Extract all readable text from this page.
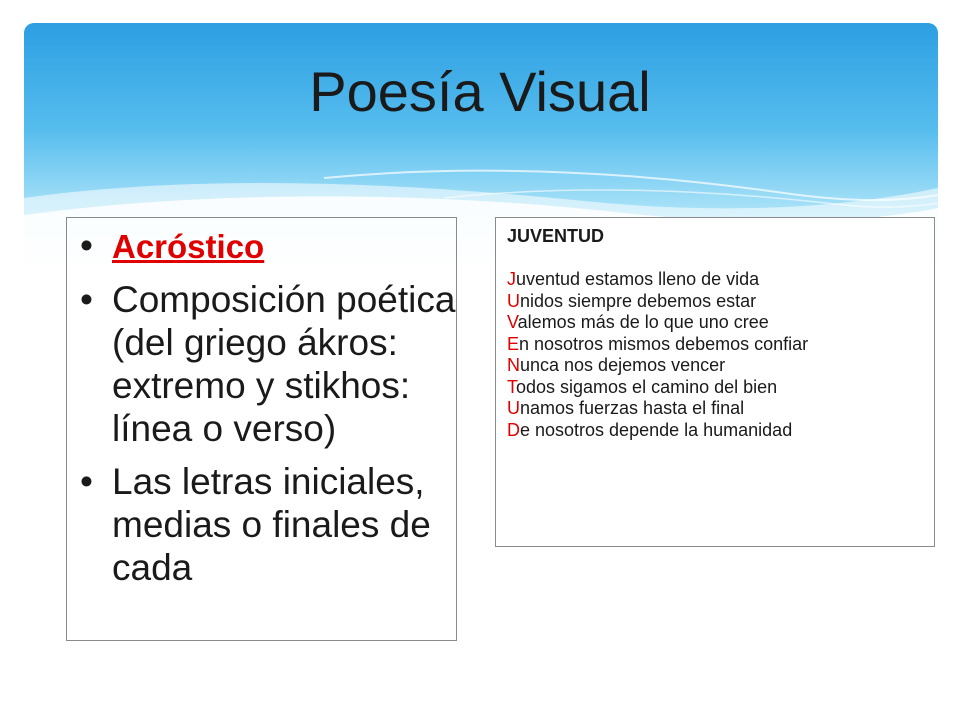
Poesía Visual
• Acróstico
• Composición poética (del griego ákros: extremo y stikhos: línea o verso)
• Las letras iniciales, medias o finales de cada
JUVENTUD
Juventud estamos lleno de vida
Unidos siempre debemos estar
Valemos más de lo que uno cree
En nosotros mismos debemos confiar
Nunca nos dejemos vencer
Todos sigamos el camino del bien
Unamos fuerzas hasta el final
De nosotros depende la humanidad
